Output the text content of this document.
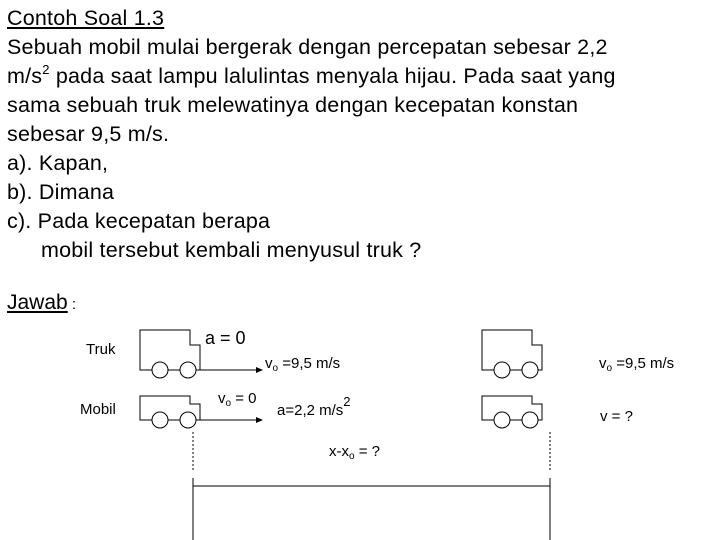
Contoh Soal 1.3
Sebuah mobil mulai bergerak dengan percepatan sebesar 2,2
$m/s^2$ pada saat lampu lalulintas menyala hijau. Pada saat yang
sama sebuah truk melewatinya dengan kecepatan konstan
sebesar 9,5 m/s.
a). Kapan,
b). Dimana
c). Pada kecepatan berapa
mobil tersebut kembali menyusul truk ?
Jawab :
Truk
Mobil
a = 0
$v_o =9,5$ m/s
$v_o = 0$
a=2,2 $m/s^2$
$x-x_o$ = ?
$v_o =9,5$ m/s
v = ?
